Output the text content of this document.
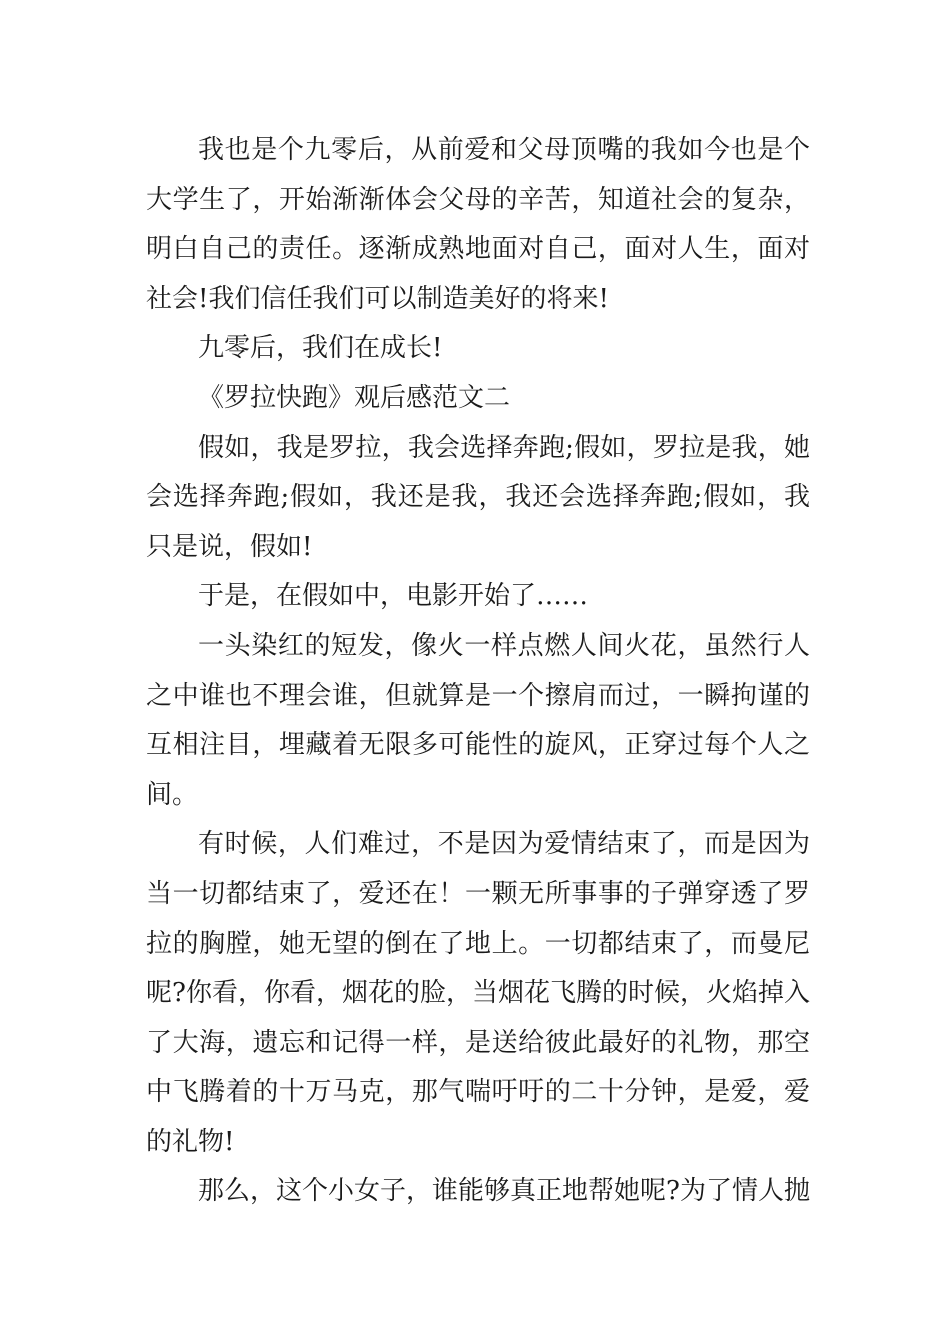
我也是个九零后，从前爱和父母顶嘴的我如今也是个大学生了，开始渐渐体会父母的辛苦，知道社会的复杂，明白自己的责任。逐渐成熟地面对自己，面对人生，面对社会!我们信任我们可以制造美好的将来!

九零后，我们在成长!

《罗拉快跑》观后感范文二

假如，我是罗拉，我会选择奔跑;假如，罗拉是我，她会选择奔跑;假如，我还是我，我还会选择奔跑;假如，我只是说，假如!

于是，在假如中，电影开始了……

一头染红的短发，像火一样点燃人间火花，虽然行人之中谁也不理会谁，但就算是一个擦肩而过，一瞬拘谨的互相注目，埋藏着无限多可能性的旋风，正穿过每个人之间。

有时候，人们难过，不是因为爱情结束了，而是因为当一切都结束了，爱还在！一颗无所事事的子弹穿透了罗拉的胸膛，她无望的倒在了地上。一切都结束了，而曼尼呢?你看，你看，烟花的脸，当烟花飞腾的时候，火焰掉入了大海，遗忘和记得一样，是送给彼此最好的礼物，那空中飞腾着的十万马克，那气喘吁吁的二十分钟，是爱，爱的礼物!

那么，这个小女子，谁能够真正地帮她呢?为了情人抛
